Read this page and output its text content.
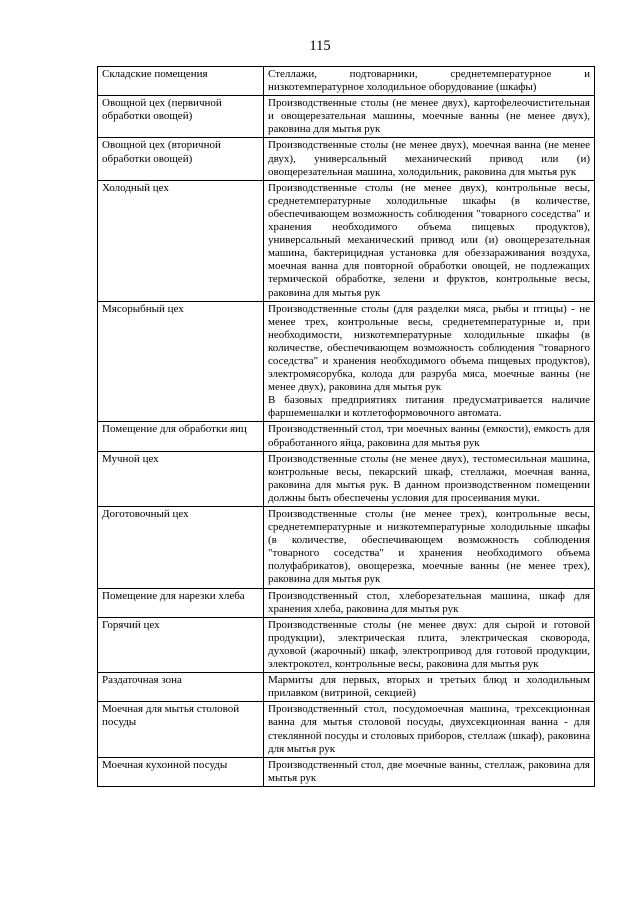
115
Складские помещения	Стеллажи, подтоварники, среднетемпературное и низкотемпературное холодильное оборудование (шкафы)
Овощной цех (первичной обработки овощей)	Производственные столы (не менее двух), картофелеочистительная и овощерезательная машины, моечные ванны (не менее двух), раковина для мытья рук
Овощной цех (вторичной обработки овощей)	Производственные столы (не менее двух), моечная ванна (не менее двух), универсальный механический привод или (и) овощерезательная машина, холодильник, раковина для мытья рук
Холодный цех	Производственные столы (не менее двух), контрольные весы, среднетемпературные холодильные шкафы (в количестве, обеспечивающем возможность соблюдения "товарного соседства" и хранения необходимого объема пищевых продуктов), универсальный механический привод или (и) овощерезательная машина, бактерицидная установка для обеззараживания воздуха, моечная ванна для повторной обработки овощей, не подлежащих термической обработке, зелени и фруктов, контрольные весы, раковина для мытья рук
Мясорыбный цех	Производственные столы (для разделки мяса, рыбы и птицы) - не менее трех, контрольные весы, среднетемпературные и, при необходимости, низкотемпературные холодильные шкафы (в количестве, обеспечивающем возможность соблюдения "товарного соседства" и хранения необходимого объема пищевых продуктов), электромясорубка, колода для разруба мяса, моечные ванны (не менее двух), раковина для мытья рук
В базовых предприятиях питания предусматривается наличие фаршемешалки и котлетоформовочного автомата.
Помещение для обработки яиц	Производственный стол, три моечных ванны (емкости), емкость для обработанного яйца, раковина для мытья рук
Мучной цех	Производственные столы (не менее двух), тестомесильная машина, контрольные весы, пекарский шкаф, стеллажи, моечная ванна, раковина для мытья рук. В данном производственном помещении должны быть обеспечены условия для просеивания муки.
Доготовочный цех	Производственные столы (не менее трех), контрольные весы, среднетемпературные и низкотемпературные холодильные шкафы (в количестве, обеспечивающем возможность соблюдения "товарного соседства" и хранения необходимого объема полуфабрикатов), овощерезка, моечные ванны (не менее трех), раковина для мытья рук
Помещение для нарезки хлеба	Производственный стол, хлеборезательная машина, шкаф для хранения хлеба, раковина для мытья рук
Горячий цех	Производственные столы (не менее двух: для сырой и готовой продукции), электрическая плита, электрическая сковорода, духовой (жарочный) шкаф, электропривод для готовой продукции, электрокотел, контрольные весы, раковина для мытья рук
Раздаточная зона	Мармиты для первых, вторых и третьих блюд и холодильным прилавком (витриной, секцией)
Моечная для мытья столовой посуды	Производственный стол, посудомоечная машина, трехсекционная ванна для мытья столовой посуды, двухсекционная ванна - для стеклянной посуды и столовых приборов, стеллаж (шкаф), раковина для мытья рук
Моечная кухонной посуды	Производственный стол, две моечные ванны, стеллаж, раковина для мытья рук
